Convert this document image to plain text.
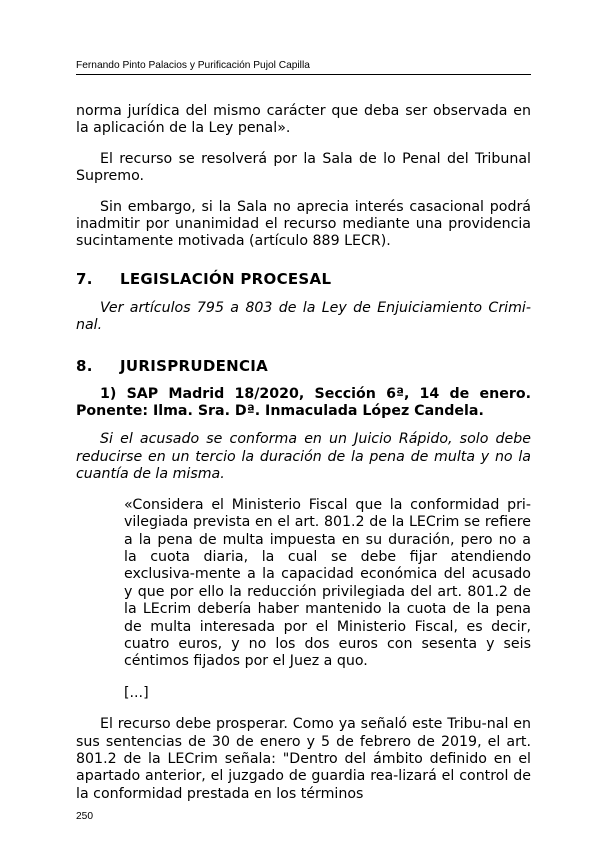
Fernando Pinto Palacios y Purificación Pujol Capilla

norma jurídica del mismo carácter que deba ser observada en la aplicación de la Ley penal».

El recurso se resolverá por la Sala de lo Penal del Tribunal Supremo.

Sin embargo, si la Sala no aprecia interés casacional podrá inadmitir por unanimidad el recurso mediante una providencia sucintamente motivada (artículo 889 LECR).

7. LEGISLACIÓN PROCESAL

Ver artículos 795 a 803 de la Ley de Enjuiciamiento Crimi-nal.

8. JURISPRUDENCIA

1) SAP Madrid 18/2020, Sección 6ª, 14 de enero. Ponente: Ilma. Sra. Dª. Inmaculada López Candela.

Si el acusado se conforma en un Juicio Rápido, solo debe reducirse en un tercio la duración de la pena de multa y no la cuantía de la misma.

«Considera el Ministerio Fiscal que la conformidad pri-vilegiada prevista en el art. 801.2 de la LECrim se refiere a la pena de multa impuesta en su duración, pero no a la cuota diaria, la cual se debe fijar atendiendo exclusiva-mente a la capacidad económica del acusado y que por ello la reducción privilegiada del art. 801.2 de la LEcrim debería haber mantenido la cuota de la pena de multa interesada por el Ministerio Fiscal, es decir, cuatro euros, y no los dos euros con sesenta y seis céntimos fijados por el Juez a quo.

[...]

El recurso debe prosperar. Como ya señaló este Tribu-nal en sus sentencias de 30 de enero y 5 de febrero de 2019, el art. 801.2 de la LECrim señala: "Dentro del ámbito definido en el apartado anterior, el juzgado de guardia rea-lizará el control de la conformidad prestada en los términos

250
